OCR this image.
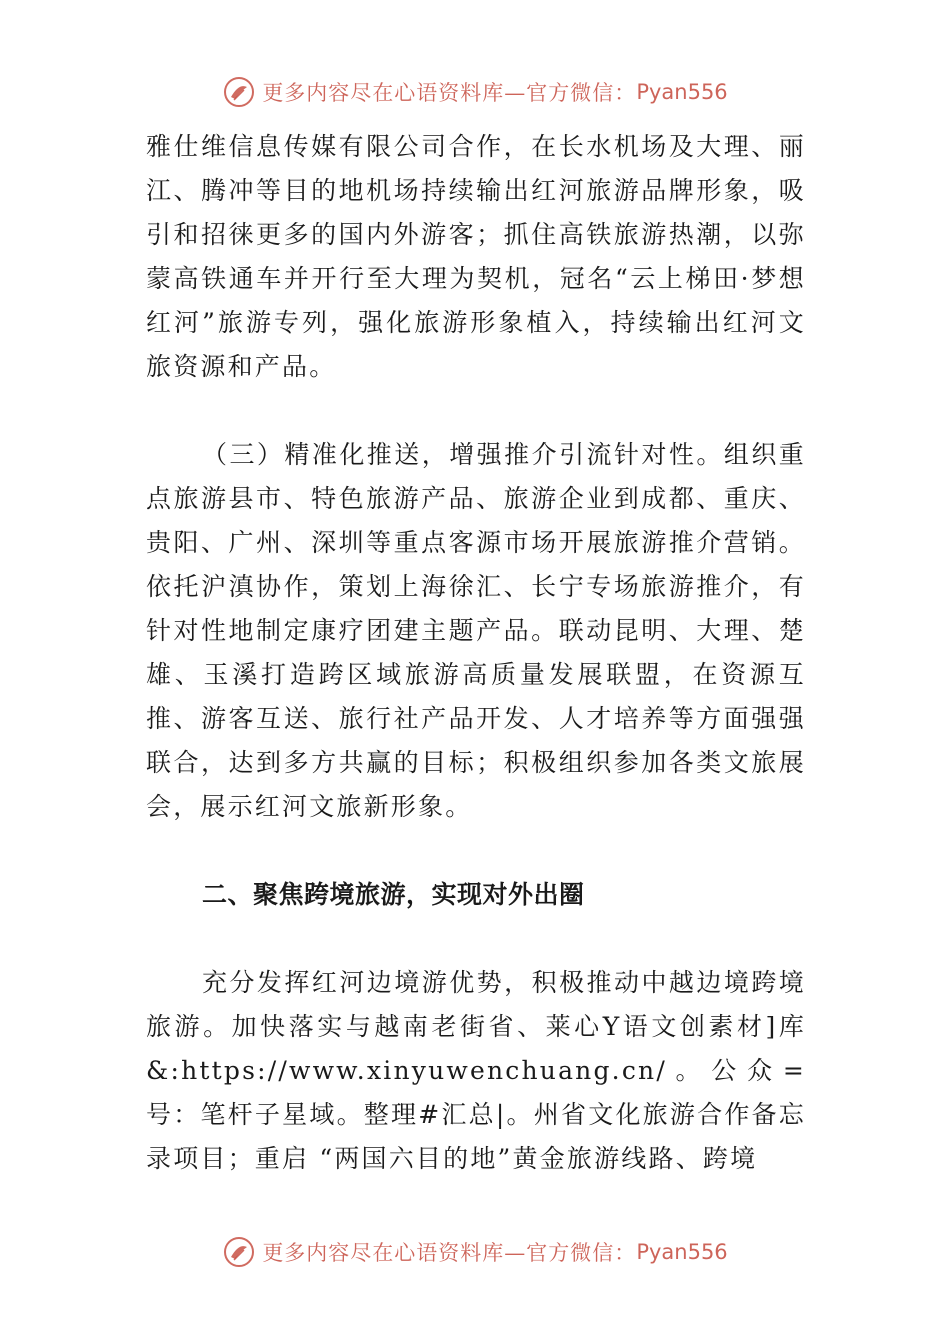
更多内容尽在心语资料库—官方微信： Pyan556

雅仕维信息传媒有限公司合作，在长水机场及大理、丽江、腾冲等目的地机场持续输出红河旅游品牌形象，吸引和招徕更多的国内外游客；抓住高铁旅游热潮，以弥蒙高铁通车并开行至大理为契机，冠名“云上梯田·梦想红河”旅游专列，强化旅游形象植入，持续输出红河文旅资源和产品。

（三）精准化推送，增强推介引流针对性。组织重点旅游县市、特色旅游产品、旅游企业到成都、重庆、贵阳、广州、深圳等重点客源市场开展旅游推介营销。依托沪滇协作，策划上海徐汇、长宁专场旅游推介，有针对性地制定康疗团建主题产品。联动昆明、大理、楚雄、玉溪打造跨区域旅游高质量发展联盟，在资源互推、游客互送、旅行社产品开发、人才培养等方面强强联合，达到多方共赢的目标；积极组织参加各类文旅展会，展示红河文旅新形象。

二、聚焦跨境旅游，实现对外出圈

充分发挥红河边境游优势，积极推动中越边境跨境旅游。加快落实与越南老街省、莱心Y语文创素材]库&:https://www.xinyuwenchuang.cn/。公众=号：笔杆子星域。整理#汇总|。州省文化旅游合作备忘录项目；重启 “两国六目的地”黄金旅游线路、跨境

更多内容尽在心语资料库—官方微信： Pyan556
